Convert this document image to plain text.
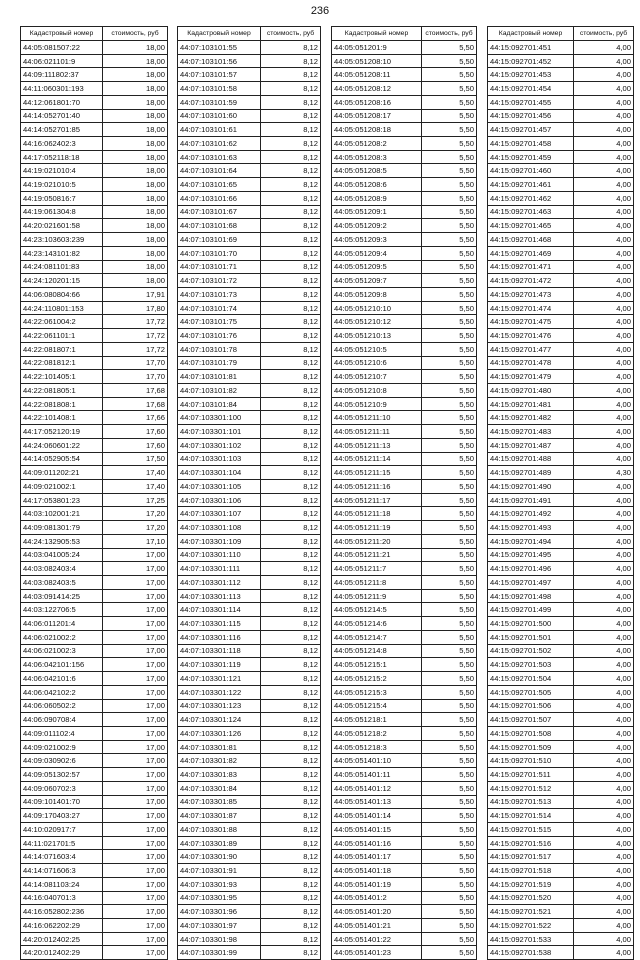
236
Кадастровый номер	стоимость, руб
44:05:081507:22	18,00
44:06:021101:9	18,00
44:09:111802:37	18,00
44:11:060301:193	18,00
44:12:061801:70	18,00
44:14:052701:40	18,00
44:14:052701:85	18,00
44:16:062402:3	18,00
44:17:052118:18	18,00
44:19:021010:4	18,00
44:19:021010:5	18,00
44:19:050816:7	18,00
44:19:061304:8	18,00
44:20:021601:58	18,00
44:23:103603:239	18,00
44:23:143101:82	18,00
44:24:081101:83	18,00
44:24:120201:15	18,00
44:06:080804:66	17,91
44:24:110801:153	17,80
44:22:061004:2	17,72
44:22:061101:1	17,72
44:22:081807:1	17,72
44:22:081812:1	17,70
44:22:101405:1	17,70
44:22:081805:1	17,68
44:22:081808:1	17,68
44:22:101408:1	17,66
44:17:052120:19	17,60
44:24:060601:22	17,60
44:14:052905:54	17,50
44:09:011202:21	17,40
44:09:021002:1	17,40
44:17:053801:23	17,25
44:03:102001:21	17,20
44:09:081301:79	17,20
44:24:132905:53	17,10
44:03:041005:24	17,00
44:03:082403:4	17,00
44:03:082403:5	17,00
44:03:091414:25	17,00
44:03:122706:5	17,00
44:06:011201:4	17,00
44:06:021002:2	17,00
44:06:021002:3	17,00
44:06:042101:156	17,00
44:06:042101:6	17,00
44:06:042102:2	17,00
44:06:060502:2	17,00
44:06:090708:4	17,00
44:09:011102:4	17,00
44:09:021002:9	17,00
44:09:030902:6	17,00
44:09:051302:57	17,00
44:09:060702:3	17,00
44:09:101401:70	17,00
44:09:170403:27	17,00
44:10:020917:7	17,00
44:11:021701:5	17,00
44:14:071603:4	17,00
44:14:071606:3	17,00
44:14:081103:24	17,00
44:16:040701:3	17,00
44:16:052802:236	17,00
44:16:062202:29	17,00
44:20:012402:25	17,00
44:20:012402:29	17,00
Кадастровый номер	стоимость, руб
44:07:103101:55	8,12
44:07:103101:56	8,12
44:07:103101:57	8,12
44:07:103101:58	8,12
44:07:103101:59	8,12
44:07:103101:60	8,12
44:07:103101:61	8,12
44:07:103101:62	8,12
44:07:103101:63	8,12
44:07:103101:64	8,12
44:07:103101:65	8,12
44:07:103101:66	8,12
44:07:103101:67	8,12
44:07:103101:68	8,12
44:07:103101:69	8,12
44:07:103101:70	8,12
44:07:103101:71	8,12
44:07:103101:72	8,12
44:07:103101:73	8,12
44:07:103101:74	8,12
44:07:103101:75	8,12
44:07:103101:76	8,12
44:07:103101:78	8,12
44:07:103101:79	8,12
44:07:103101:81	8,12
44:07:103101:82	8,12
44:07:103101:84	8,12
44:07:103301:100	8,12
44:07:103301:101	8,12
44:07:103301:102	8,12
44:07:103301:103	8,12
44:07:103301:104	8,12
44:07:103301:105	8,12
44:07:103301:106	8,12
44:07:103301:107	8,12
44:07:103301:108	8,12
44:07:103301:109	8,12
44:07:103301:110	8,12
44:07:103301:111	8,12
44:07:103301:112	8,12
44:07:103301:113	8,12
44:07:103301:114	8,12
44:07:103301:115	8,12
44:07:103301:116	8,12
44:07:103301:118	8,12
44:07:103301:119	8,12
44:07:103301:121	8,12
44:07:103301:122	8,12
44:07:103301:123	8,12
44:07:103301:124	8,12
44:07:103301:126	8,12
44:07:103301:81	8,12
44:07:103301:82	8,12
44:07:103301:83	8,12
44:07:103301:84	8,12
44:07:103301:85	8,12
44:07:103301:87	8,12
44:07:103301:88	8,12
44:07:103301:89	8,12
44:07:103301:90	8,12
44:07:103301:91	8,12
44:07:103301:93	8,12
44:07:103301:95	8,12
44:07:103301:96	8,12
44:07:103301:97	8,12
44:07:103301:98	8,12
44:07:103301:99	8,12
Кадастровый номер	стоимость, руб
44:05:051201:9	5,50
44:05:051208:10	5,50
44:05:051208:11	5,50
44:05:051208:12	5,50
44:05:051208:16	5,50
44:05:051208:17	5,50
44:05:051208:18	5,50
44:05:051208:2	5,50
44:05:051208:3	5,50
44:05:051208:5	5,50
44:05:051208:6	5,50
44:05:051208:9	5,50
44:05:051209:1	5,50
44:05:051209:2	5,50
44:05:051209:3	5,50
44:05:051209:4	5,50
44:05:051209:5	5,50
44:05:051209:7	5,50
44:05:051209:8	5,50
44:05:051210:10	5,50
44:05:051210:12	5,50
44:05:051210:13	5,50
44:05:051210:5	5,50
44:05:051210:6	5,50
44:05:051210:7	5,50
44:05:051210:8	5,50
44:05:051210:9	5,50
44:05:051211:10	5,50
44:05:051211:11	5,50
44:05:051211:13	5,50
44:05:051211:14	5,50
44:05:051211:15	5,50
44:05:051211:16	5,50
44:05:051211:17	5,50
44:05:051211:18	5,50
44:05:051211:19	5,50
44:05:051211:20	5,50
44:05:051211:21	5,50
44:05:051211:7	5,50
44:05:051211:8	5,50
44:05:051211:9	5,50
44:05:051214:5	5,50
44:05:051214:6	5,50
44:05:051214:7	5,50
44:05:051214:8	5,50
44:05:051215:1	5,50
44:05:051215:2	5,50
44:05:051215:3	5,50
44:05:051215:4	5,50
44:05:051218:1	5,50
44:05:051218:2	5,50
44:05:051218:3	5,50
44:05:051401:10	5,50
44:05:051401:11	5,50
44:05:051401:12	5,50
44:05:051401:13	5,50
44:05:051401:14	5,50
44:05:051401:15	5,50
44:05:051401:16	5,50
44:05:051401:17	5,50
44:05:051401:18	5,50
44:05:051401:19	5,50
44:05:051401:2	5,50
44:05:051401:20	5,50
44:05:051401:21	5,50
44:05:051401:22	5,50
44:05:051401:23	5,50
Кадастровый номер	стоимость, руб
44:15:092701:451	4,00
44:15:092701:452	4,00
44:15:092701:453	4,00
44:15:092701:454	4,00
44:15:092701:455	4,00
44:15:092701:456	4,00
44:15:092701:457	4,00
44:15:092701:458	4,00
44:15:092701:459	4,00
44:15:092701:460	4,00
44:15:092701:461	4,00
44:15:092701:462	4,00
44:15:092701:463	4,00
44:15:092701:465	4,00
44:15:092701:468	4,00
44:15:092701:469	4,00
44:15:092701:471	4,00
44:15:092701:472	4,00
44:15:092701:473	4,00
44:15:092701:474	4,00
44:15:092701:475	4,00
44:15:092701:476	4,00
44:15:092701:477	4,00
44:15:092701:478	4,00
44:15:092701:479	4,00
44:15:092701:480	4,00
44:15:092701:481	4,00
44:15:092701:482	4,00
44:15:092701:483	4,00
44:15:092701:487	4,00
44:15:092701:488	4,00
44:15:092701:489	4,30
44:15:092701:490	4,00
44:15:092701:491	4,00
44:15:092701:492	4,00
44:15:092701:493	4,00
44:15:092701:494	4,00
44:15:092701:495	4,00
44:15:092701:496	4,00
44:15:092701:497	4,00
44:15:092701:498	4,00
44:15:092701:499	4,00
44:15:092701:500	4,00
44:15:092701:501	4,00
44:15:092701:502	4,00
44:15:092701:503	4,00
44:15:092701:504	4,00
44:15:092701:505	4,00
44:15:092701:506	4,00
44:15:092701:507	4,00
44:15:092701:508	4,00
44:15:092701:509	4,00
44:15:092701:510	4,00
44:15:092701:511	4,00
44:15:092701:512	4,00
44:15:092701:513	4,00
44:15:092701:514	4,00
44:15:092701:515	4,00
44:15:092701:516	4,00
44:15:092701:517	4,00
44:15:092701:518	4,00
44:15:092701:519	4,00
44:15:092701:520	4,00
44:15:092701:521	4,00
44:15:092701:522	4,00
44:15:092701:533	4,00
44:15:092701:538	4,00
